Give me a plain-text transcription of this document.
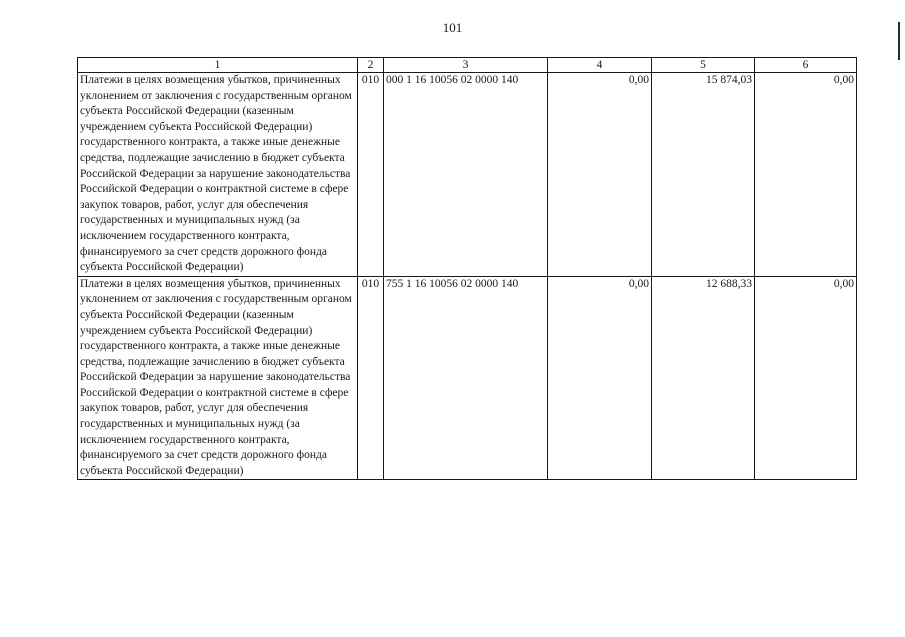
101
1	2	3	4	5	6
Платежи в целях возмещения убытков, причиненных уклонением от заключения с государственным органом субъекта Российской Федерации (казенным учреждением субъекта Российской Федерации) государственного контракта, а также иные денежные средства, подлежащие зачислению в бюджет субъекта Российской Федерации за нарушение законодательства Российской Федерации о контрактной системе в сфере закупок товаров, работ, услуг для обеспечения государственных и муниципальных нужд (за исключением государственного контракта, финансируемого за счет средств дорожного фонда субъекта Российской Федерации)	010	000 1 16 10056 02 0000 140	0,00	15 874,03	0,00
Платежи в целях возмещения убытков, причиненных уклонением от заключения с государственным органом субъекта Российской Федерации (казенным учреждением субъекта Российской Федерации) государственного контракта, а также иные денежные средства, подлежащие зачислению в бюджет субъекта Российской Федерации за нарушение законодательства Российской Федерации о контрактной системе в сфере закупок товаров, работ, услуг для обеспечения государственных и муниципальных нужд (за исключением государственного контракта, финансируемого за счет средств дорожного фонда субъекта Российской Федерации)	010	755 1 16 10056 02 0000 140	0,00	12 688,33	0,00
